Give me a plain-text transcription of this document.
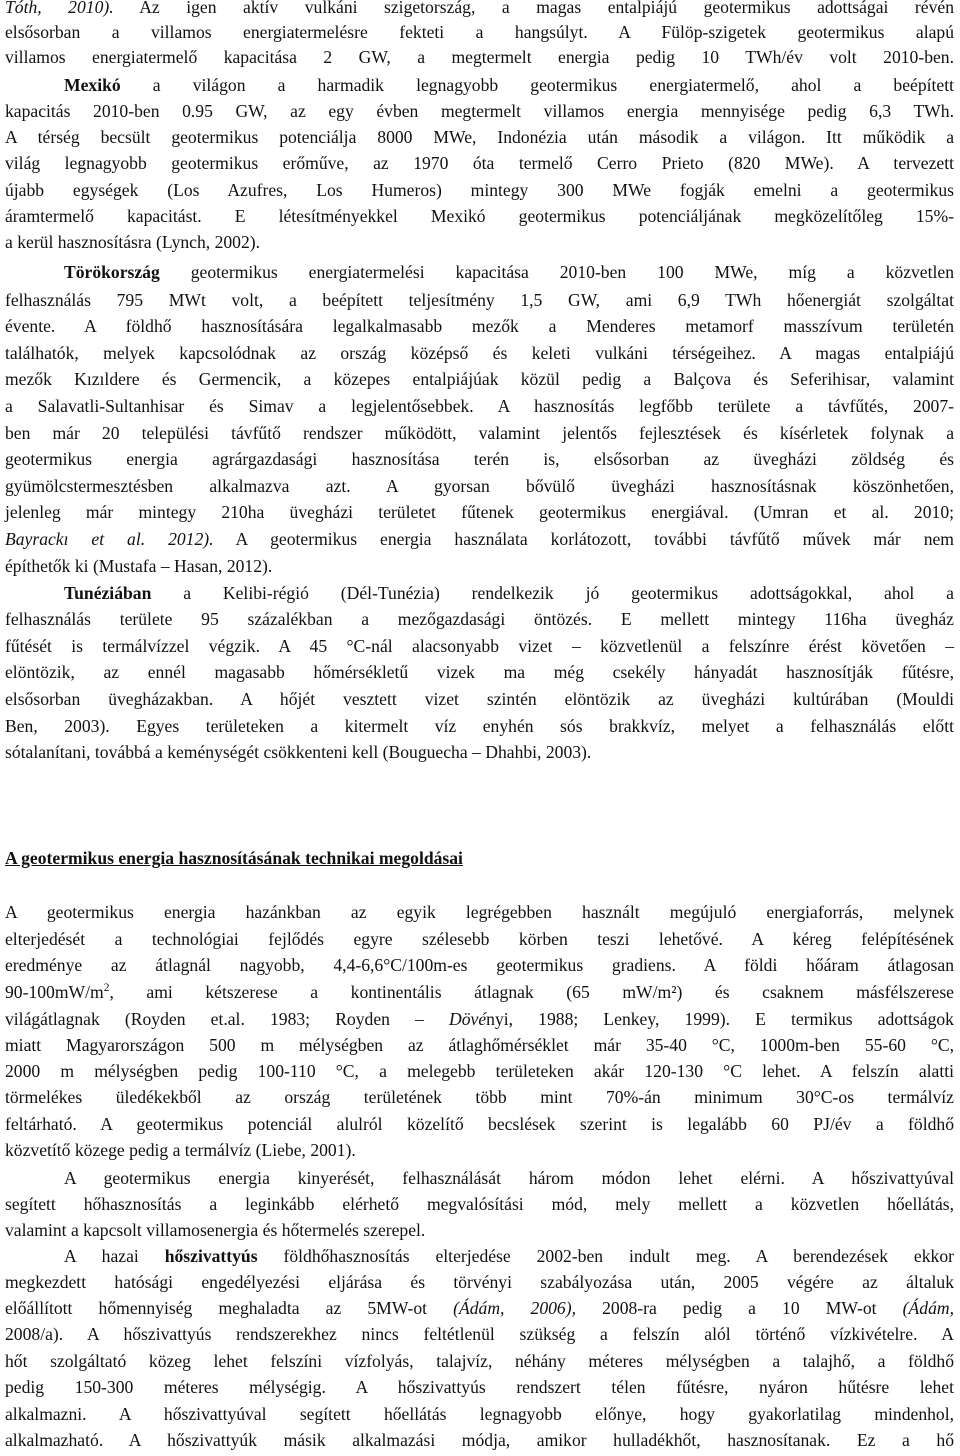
Tóth, 2010). Az igen aktív vulkáni szigetország, a magas entalpiájú geotermikus adottságai révén
elsősorban a villamos energiatermelésre fekteti a hangsúlyt. A Fülöp-szigetek geotermikus alapú
villamos energiatermelő kapacitása 2 GW, a megtermelt energia pedig 10 TWh/év volt 2010-ben.
Mexikó a világon a harmadik legnagyobb geotermikus energiatermelő, ahol a beépített
kapacitás 2010-ben 0.95 GW, az egy évben megtermelt villamos energia mennyisége pedig 6,3 TWh.
A térség becsült geotermikus potenciálja 8000 MWe, Indonézia után második a világon. Itt működik a
világ legnagyobb geotermikus erőműve, az 1970 óta termelő Cerro Prieto (820 MWe). A tervezett
újabb egységek (Los Azufres, Los Humeros) mintegy 300 MWe fogják emelni a geotermikus
áramtermelő kapacitást. E létesítményekkel Mexikó geotermikus potenciáljának megközelítőleg 15%-
a kerül hasznosításra (Lynch, 2002).
Törökország geotermikus energiatermelési kapacitása 2010-ben 100 MWe, míg a közvetlen
felhasználás 795 MWt volt, a beépített teljesítmény 1,5 GW, ami 6,9 TWh hőenergiát szolgáltat
évente. A földhő hasznosítására legalkalmasabb mezők a Menderes metamorf masszívum területén
találhatók, melyek kapcsolódnak az ország középső és keleti vulkáni térségeihez. A magas entalpiájú
mezők Kızıldere és Germencik, a közepes entalpiájúak közül pedig a Balçova és Seferihisar, valamint
a Salavatli-Sultanhisar és Simav a legjelentősebbek. A hasznosítás legfőbb területe a távfűtés, 2007-
ben már 20 települési távfűtő rendszer működött, valamint jelentős fejlesztések és kísérletek folynak a
geotermikus energia agrárgazdasági hasznosítása terén is, elsősorban az üvegházi zöldség és
gyümölcstermesztésben alkalmazva azt. A gyorsan bővülő üvegházi hasznosításnak köszönhetően,
jelenleg már mintegy 210ha üvegházi területet fűtenek geotermikus energiával. (Umran et al. 2010;
Bayrackı et al. 2012). A geotermikus energia használata korlátozott, további távfűtő művek már nem
építhetők ki (Mustafa – Hasan, 2012).
Tunéziában a Kelibi-régió (Dél-Tunézia) rendelkezik jó geotermikus adottságokkal, ahol a
felhasználás területe 95 százalékban a mezőgazdasági öntözés. E mellett mintegy 116ha üvegház
fűtését is termálvízzel végzik. A 45 °C-nál alacsonyabb vizet – közvetlenül a felszínre érést követően –
elöntözik, az ennél magasabb hőmérsékletű vizek ma még csekély hányadát hasznosítják fűtésre,
elsősorban üvegházakban. A hőjét vesztett vizet szintén elöntözik az üvegházi kultúrában (Mouldi
Ben, 2003). Egyes területeken a kitermelt víz enyhén sós brakkvíz, melyet a felhasználás előtt
sótalanítani, továbbá a keménységét csökkenteni kell (Bouguecha – Dhahbi, 2003).
A geotermikus energia hasznosításának technikai megoldásai
A geotermikus energia hazánkban az egyik legrégebben használt megújuló energiaforrás, melynek
elterjedését a technológiai fejlődés egyre szélesebb körben teszi lehetővé. A kéreg felépítésének
eredménye az átlagnál nagyobb, 4,4-6,6°C/100m-es geotermikus gradiens. A földi hőáram átlagosan
$90-100mW/m^2$, ami kétszerese a kontinentális átlagnak (65 mW/m²) és csaknem másfélszerese
világátlagnak (Royden et.al. 1983; Royden – Dövényi, 1988; Lenkey, 1999). E termikus adottságok
miatt Magyarországon 500 m mélységben az átlaghőmérséklet már 35-40 °C, 1000m-ben 55-60 °C,
2000 m mélységben pedig 100-110 °C, a melegebb területeken akár 120-130 °C lehet. A felszín alatti
törmelékes üledékekből az ország területének több mint 70%-án minimum 30°C-os termálvíz
feltárható. A geotermikus potenciál alulról közelítő becslések szerint is legalább 60 PJ/év a földhő
közvetítő közege pedig a termálvíz (Liebe, 2001).
A geotermikus energia kinyerését, felhasználását három módon lehet elérni. A hőszivattyúval
segített hőhasznosítás a leginkább elérhető megvalósítási mód, mely mellett a közvetlen hőellátás,
valamint a kapcsolt villamosenergia és hőtermelés szerepel.
A hazai hőszivattyús földhőhasznosítás elterjedése 2002-ben indult meg. A berendezések ekkor
megkezdett hatósági engedélyezési eljárása és törvényi szabályozása után, 2005 végére az általuk
előállított hőmennyiség meghaladta az 5MW-ot (Ádám, 2006), 2008-ra pedig a 10 MW-ot (Ádám,
2008/a). A hőszivattyús rendszerekhez nincs feltétlenül szükség a felszín alól történő vízkivételre. A
hőt szolgáltató közeg lehet felszíni vízfolyás, talajvíz, néhány méteres mélységben a talajhő, a földhő
pedig 150-300 méteres mélységig. A hőszivattyús rendszert télen fűtésre, nyáron hűtésre lehet
alkalmazni. A hőszivattyúval segített hőellátás legnagyobb előnye, hogy gyakorlatilag mindenhol,
alkalmazható. A hőszivattyúk másik alkalmazási módja, amikor hulladékhőt, hasznosítanak. Ez a hő
